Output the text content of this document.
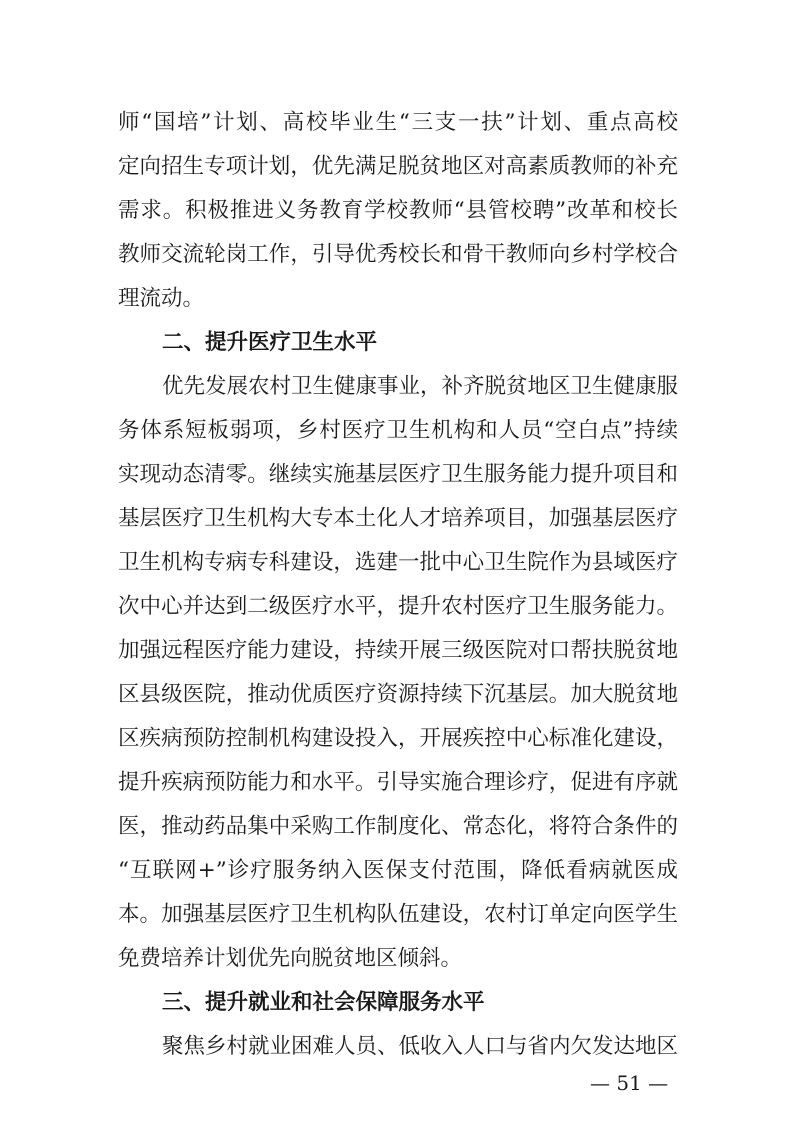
师“国培”计划、高校毕业生“三支一扶”计划、重点高校
定向招生专项计划，优先满足脱贫地区对高素质教师的补充
需求。积极推进义务教育学校教师“县管校聘”改革和校长
教师交流轮岗工作，引导优秀校长和骨干教师向乡村学校合
理流动。
二、提升医疗卫生水平
优先发展农村卫生健康事业，补齐脱贫地区卫生健康服
务体系短板弱项，乡村医疗卫生机构和人员“空白点”持续
实现动态清零。继续实施基层医疗卫生服务能力提升项目和
基层医疗卫生机构大专本土化人才培养项目，加强基层医疗
卫生机构专病专科建设，选建一批中心卫生院作为县域医疗
次中心并达到二级医疗水平，提升农村医疗卫生服务能力。
加强远程医疗能力建设，持续开展三级医院对口帮扶脱贫地
区县级医院，推动优质医疗资源持续下沉基层。加大脱贫地
区疾病预防控制机构建设投入，开展疾控中心标准化建设，
提升疾病预防能力和水平。引导实施合理诊疗，促进有序就
医，推动药品集中采购工作制度化、常态化，将符合条件的
“互联网+”诊疗服务纳入医保支付范围，降低看病就医成
本。加强基层医疗卫生机构队伍建设，农村订单定向医学生
免费培养计划优先向脱贫地区倾斜。
三、提升就业和社会保障服务水平
聚焦乡村就业困难人员、低收入人口与省内欠发达地区
— 51 —
